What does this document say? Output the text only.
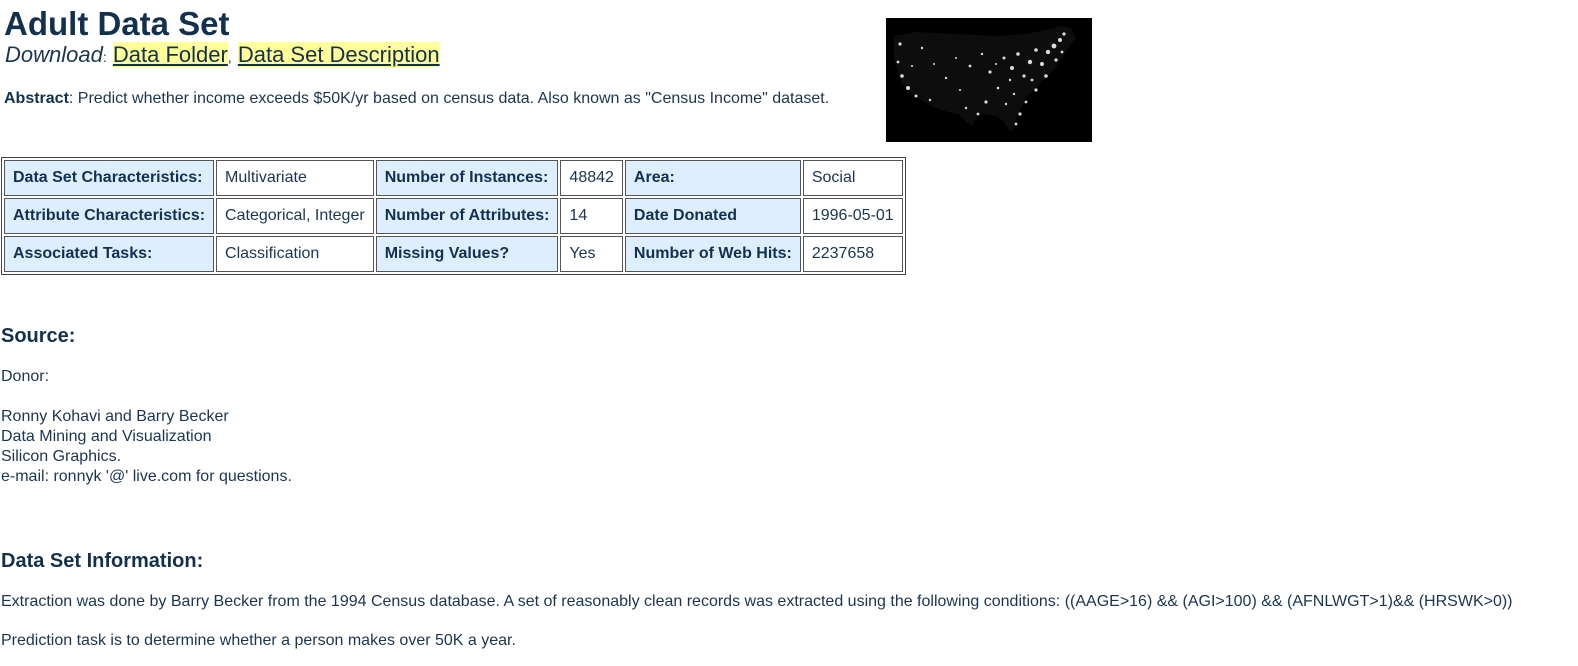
Adult Data Set
Download: Data Folder, Data Set Description
Abstract: Predict whether income exceeds $50K/yr based on census data. Also known as "Census Income" dataset.
Data Set Characteristics:	Multivariate	Number of Instances:	48842	Area:	Social
Attribute Characteristics:	Categorical, Integer	Number of Attributes:	14	Date Donated	1996-05-01
Associated Tasks:	Classification	Missing Values?	Yes	Number of Web Hits:	2237658
Source:
Donor:
Ronny Kohavi and Barry Becker
Data Mining and Visualization
Silicon Graphics.
e-mail: ronnyk '@' live.com for questions.
Data Set Information:
Extraction was done by Barry Becker from the 1994 Census database. A set of reasonably clean records was extracted using the following conditions: ((AAGE>16) && (AGI>100) && (AFNLWGT>1)&& (HRSWK>0))
Prediction task is to determine whether a person makes over 50K a year.
